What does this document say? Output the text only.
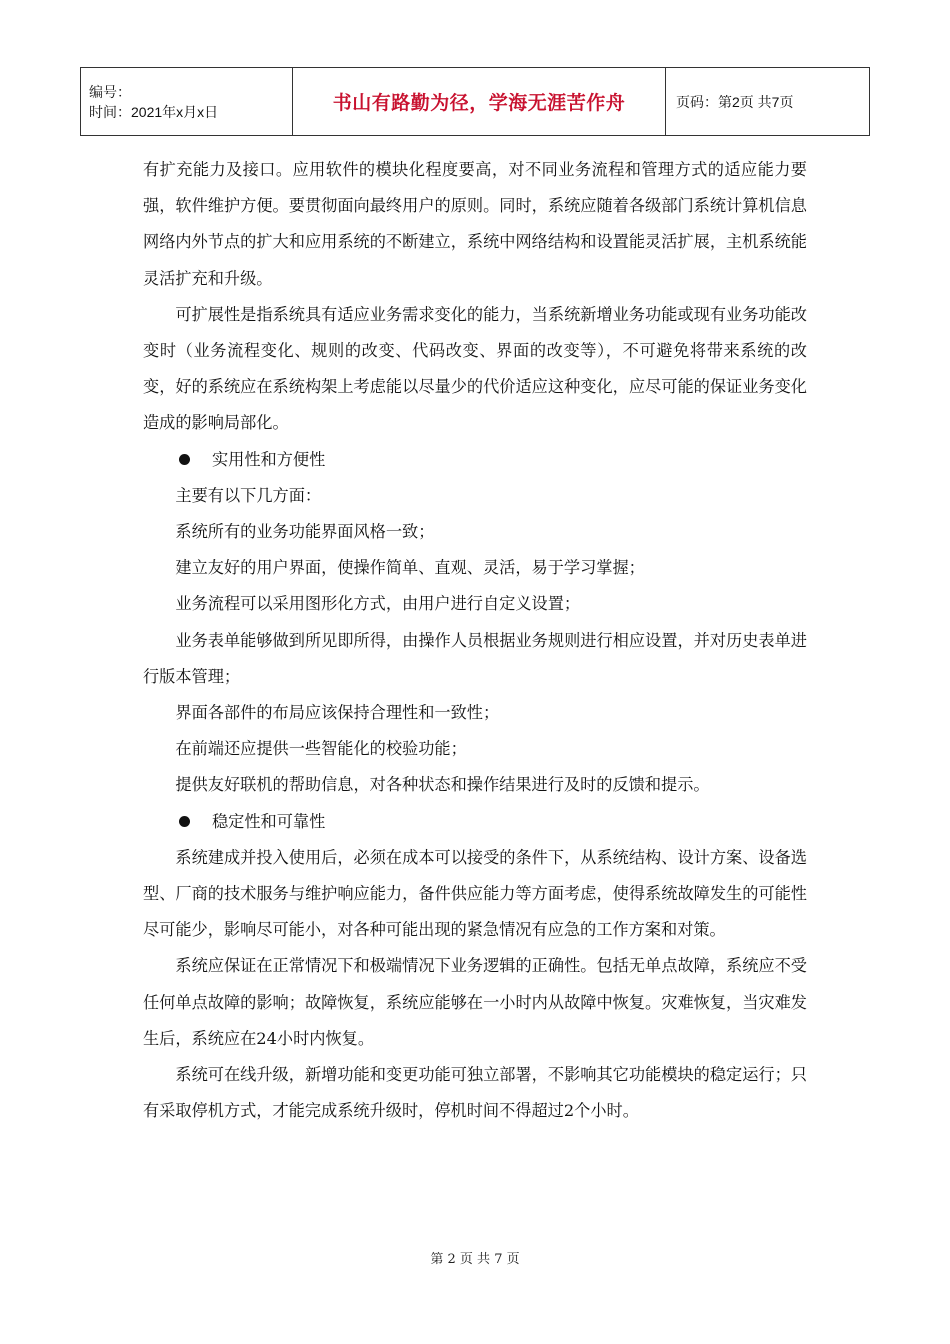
编号：
时间：2021年x月x日	书山有路勤为径，学海无涯苦作舟	页码：第2页 共7页

有扩充能力及接口。应用软件的模块化程度要高，对不同业务流程和管理方式的适应能力要强，软件维护方便。要贯彻面向最终用户的原则。同时，系统应随着各级部门系统计算机信息网络内外节点的扩大和应用系统的不断建立，系统中网络结构和设置能灵活扩展，主机系统能灵活扩充和升级。

可扩展性是指系统具有适应业务需求变化的能力，当系统新增业务功能或现有业务功能改变时（业务流程变化、规则的改变、代码改变、界面的改变等），不可避免将带来系统的改变，好的系统应在系统构架上考虑能以尽量少的代价适应这种变化，应尽可能的保证业务变化造成的影响局部化。

实用性和方便性

主要有以下几方面：

系统所有的业务功能界面风格一致；

建立友好的用户界面，使操作简单、直观、灵活，易于学习掌握；

业务流程可以采用图形化方式，由用户进行自定义设置；

业务表单能够做到所见即所得，由操作人员根据业务规则进行相应设置，并对历史表单进行版本管理；

界面各部件的布局应该保持合理性和一致性；

在前端还应提供一些智能化的校验功能；

提供友好联机的帮助信息，对各种状态和操作结果进行及时的反馈和提示。

稳定性和可靠性

系统建成并投入使用后，必须在成本可以接受的条件下，从系统结构、设计方案、设备选型、厂商的技术服务与维护响应能力，备件供应能力等方面考虑，使得系统故障发生的可能性尽可能少，影响尽可能小，对各种可能出现的紧急情况有应急的工作方案和对策。

系统应保证在正常情况下和极端情况下业务逻辑的正确性。包括无单点故障，系统应不受任何单点故障的影响；故障恢复，系统应能够在一小时内从故障中恢复。灾难恢复，当灾难发生后，系统应在24小时内恢复。

系统可在线升级，新增功能和变更功能可独立部署，不影响其它功能模块的稳定运行；只有采取停机方式，才能完成系统升级时，停机时间不得超过2个小时。

第 2 页 共 7 页
